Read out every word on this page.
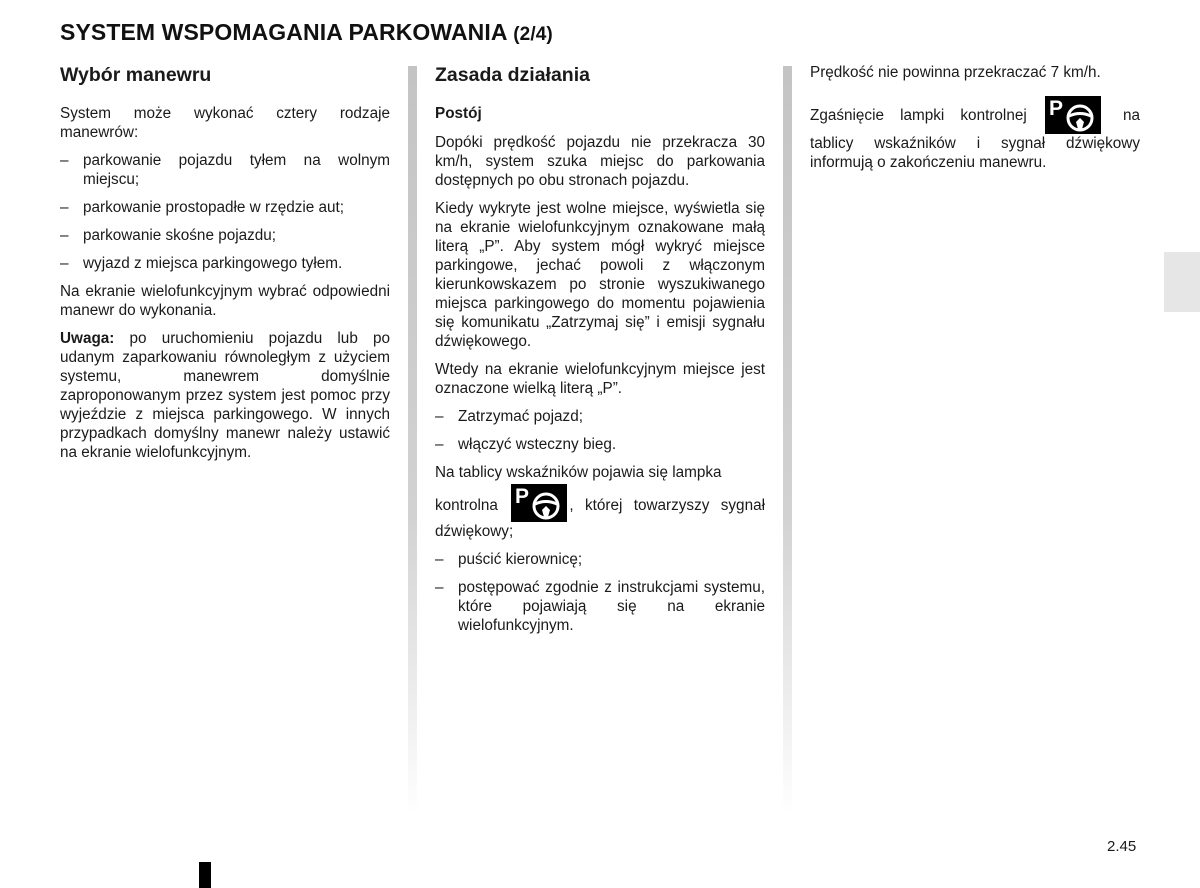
SYSTEM WSPOMAGANIA PARKOWANIA (2/4)
Wybór manewru

System może wykonać cztery rodzaje manewrów:

– parkowanie pojazdu tyłem na wolnym miejscu;
– parkowanie prostopadłe w rzędzie aut;
– parkowanie skośne pojazdu;
– wyjazd z miejsca parkingowego tyłem.

Na ekranie wielofunkcyjnym wybrać odpowiedni manewr do wykonania.

Uwaga: po uruchomieniu pojazdu lub po udanym zaparkowaniu równoległym z użyciem systemu, manewrem domyślnie zaproponowanym przez system jest pomoc przy wyjeździe z miejsca parkingowego. W innych przypadkach domyślny manewr należy ustawić na ekranie wielofunkcyjnym.

Zasada działania
Postój

Dopóki prędkość pojazdu nie przekracza 30 km/h, system szuka miejsc do parkowania dostępnych po obu stronach pojazdu.

Kiedy wykryte jest wolne miejsce, wyświetla się na ekranie wielofunkcyjnym oznakowane małą literą „P”. Aby system mógł wykryć miejsce parkingowe, jechać powoli z włączonym kierunkowskazem po stronie wyszukiwanego miejsca parkingowego do momentu pojawienia się komunikatu „Zatrzymaj się” i emisji sygnału dźwiękowego.

Wtedy na ekranie wielofunkcyjnym miejsce jest oznaczone wielką literą „P”.

– Zatrzymać pojazd;
– włączyć wsteczny bieg.

Na tablicy wskaźników pojawia się lampka

kontrolna P	, której towarzyszy sygnał dźwiękowy;

– puścić kierownicę;
– postępować zgodnie z instrukcjami systemu, które pojawiają się na ekranie wielofunkcyjnym.

Prędkość nie powinna przekraczać 7 km/h.

Zgaśnięcie lampki kontrolnej P	na tablicy wskaźników i sygnał dźwiękowy informują o zakończeniu manewru.

2.45
